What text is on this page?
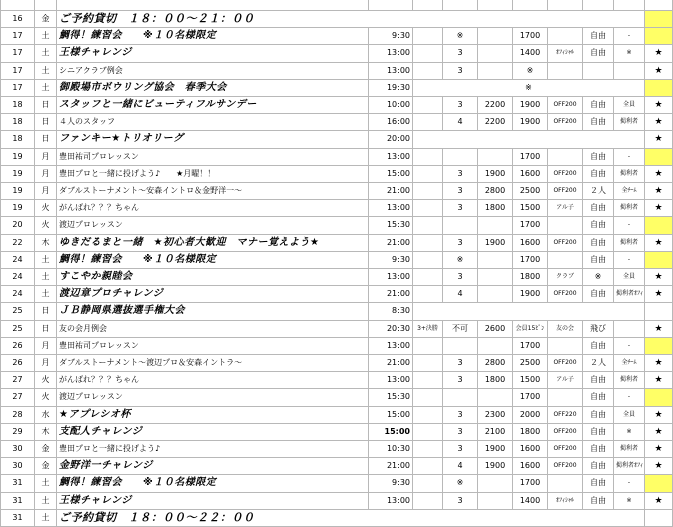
16	金	ご予約貸切　１８：００～２１：００									
17	土	鯛得！練習会　　※１０名様限定	9:30		※		1700		自由	-	
17	土	王様チャレンジ	13:00		3		1400	ｵﾌｨｼｬﾙ	自由	※	★
17	土	シニアクラブ例会	13:00		3		※				★
17	土	御殿場市ボウリング協会　春季大会	19:30	※							
18	日	スタッフと一緒にビューティフルサンデー	10:00		3	2200	1900	OFF200	自由	全員	★
18	日	４人のスタッフ	16:00		4	2200	1900	OFF200	自由	掲利者	★
18	日	ファンキー★トリオリーグ	20:00								★
19	月	豊田祐司プロレッスン	13:00				1700		自由	-	
19	月	豊田プロと一緒に投げよう♪　　★月曜！！	15:00		3	1900	1600	OFF200	自由	掲利者	★
19	月	ダブルストーナメント～安森イントロ＆金野洋一～	21:00		3	2800	2500	OFF200	２人	全ﾁｰﾑ	★
19	火	がんばれ？？？ちゃん	13:00		3	1800	1500	アル子	自由	掲利者	★
20	火	渡辺プロレッスン	15:30				1700		自由	-	
22	木	ゆきだるまと一緒　★初心者大歓迎　マナー覚えよう★	21:00		3	1900	1600	OFF200	自由	掲利者	★
24	土	鯛得！練習会　　※１０名様限定	9:30		※		1700		自由	-	
24	土	すこやか親睦会	13:00		3		1800	クラブ	※	全員	★
24	土	渡辺章プロチャレンジ	21:00		4		1900	OFF200	自由	掲利者ｵﾌｨ	★
25	日	ＪＢ静岡県選抜選手権大会	8:30								
25	日	友の会月例会	20:30	3+決勝	不可	2600	会員15ﾋﾟﾝ	友の会	飛び		★
26	月	豊田祐司プロレッスン	13:00				1700		自由	-	
26	月	ダブルストーナメント～渡辺プロ＆安森イントラ～	21:00		3	2800	2500	OFF200	２人	全ﾁｰﾑ	★
27	火	がんばれ？？？ちゃん	13:00		3	1800	1500	アル子	自由	掲利者	★
27	火	渡辺プロレッスン	15:30				1700		自由	-	
28	水	★アプレシオ杯	15:00		3	2300	2000	OFF220	自由	全員	★
29	木	支配人チャレンジ	15:00		3	2100	1800	OFF200	自由	※	★
30	金	豊田プロと一緒に投げよう♪	10:30		3	1900	1600	OFF200	自由	掲利者	★
30	金	金野洋一チャレンジ	21:00		4	1900	1600	OFF200	自由	掲利者ｵﾌｨ	★
31	土	鯛得！練習会　　※１０名様限定	9:30		※		1700		自由	-	
31	土	王様チャレンジ	13:00		3		1400	ｵﾌｨｼｬﾙ	自由	※	★
31	土	ご予約貸切　１８：００～２２：００									
